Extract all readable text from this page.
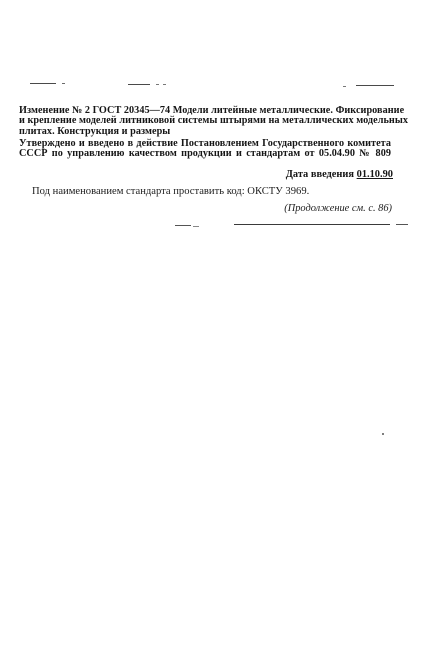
Изменение № 2 ГОСТ 20345—74 Модели литейные металлические. Фиксирование
и крепление моделей литниковой системы штырями на металлических модельных
плитах. Конструкция и размеры
Утверждено и введено в действие Постановлением Государственного комитета
СССР по управлению качеством продукции и стандартам от 05.04.90 № 809
Дата введения 01.10.90
Под наименованием стандарта проставить код: ОКСТУ 3969.
(Продолжение см. с. 86)
